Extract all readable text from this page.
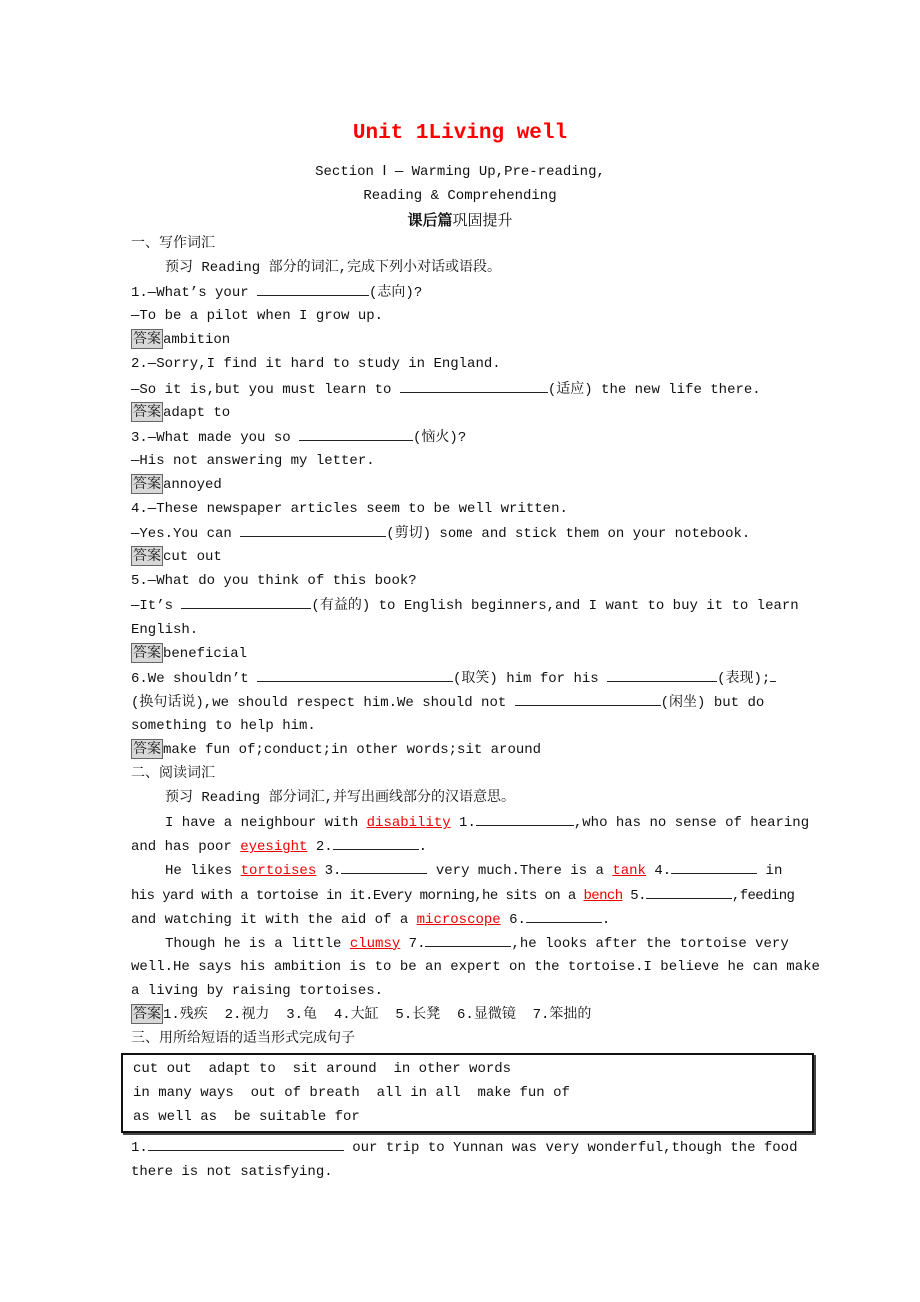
Unit 1Living well
Section Ⅰ — Warming Up,Pre-reading,
Reading & Comprehending
课后篇巩固提升
一、写作词汇
预习 Reading 部分的词汇,完成下列小对话或语段。
1.—What’s your	(志向)?
—To be a pilot when I grow up.
答案 ambition
2.—Sorry,I find it hard to study in England.
—So it is,but you must learn to	(适应) the new life there.
答案 adapt to
3.—What made you so	(恼火)?
—His not answering my letter.
答案 annoyed
4.—These newspaper articles seem to be well written.
—Yes.You can	(剪切) some and stick them on your notebook.
答案 cut out
5.—What do you think of this book?
—It’s	(有益的) to English beginners,and I want to buy it to learn
English.
答案 beneficial
6.We shouldn’t	(取笑) him for his	(表现);
(换句话说),we should respect him.We should not	(闲坐) but do
something to help him.
答案 make fun of;conduct;in other words;sit around
二、阅读词汇
预习 Reading 部分词汇,并写出画线部分的汉语意思。
I have a neighbour with disability 1.	,who has no sense of hearing
and has poor eyesight 2.	.
He likes tortoises 3.	very much.There is a tank 4.	in
his yard with a tortoise in it.Every morning,he sits on a bench 5.	,feeding
and watching it with the aid of a microscope 6.	.
Though he is a little clumsy 7.	,he looks after the tortoise very
well.He says his ambition is to be an expert on the tortoise.I believe he can make
a living by raising tortoises.
答案 1.残疾  2.视力  3.龟  4.大缸  5.长凳  6.显微镜  7.笨拙的
三、用所给短语的适当形式完成句子
cut out  adapt to  sit around  in other words
in many ways  out of breath  all in all  make fun of
as well as  be suitable for
1.	our trip to Yunnan was very wonderful,though the food
there is not satisfying.
